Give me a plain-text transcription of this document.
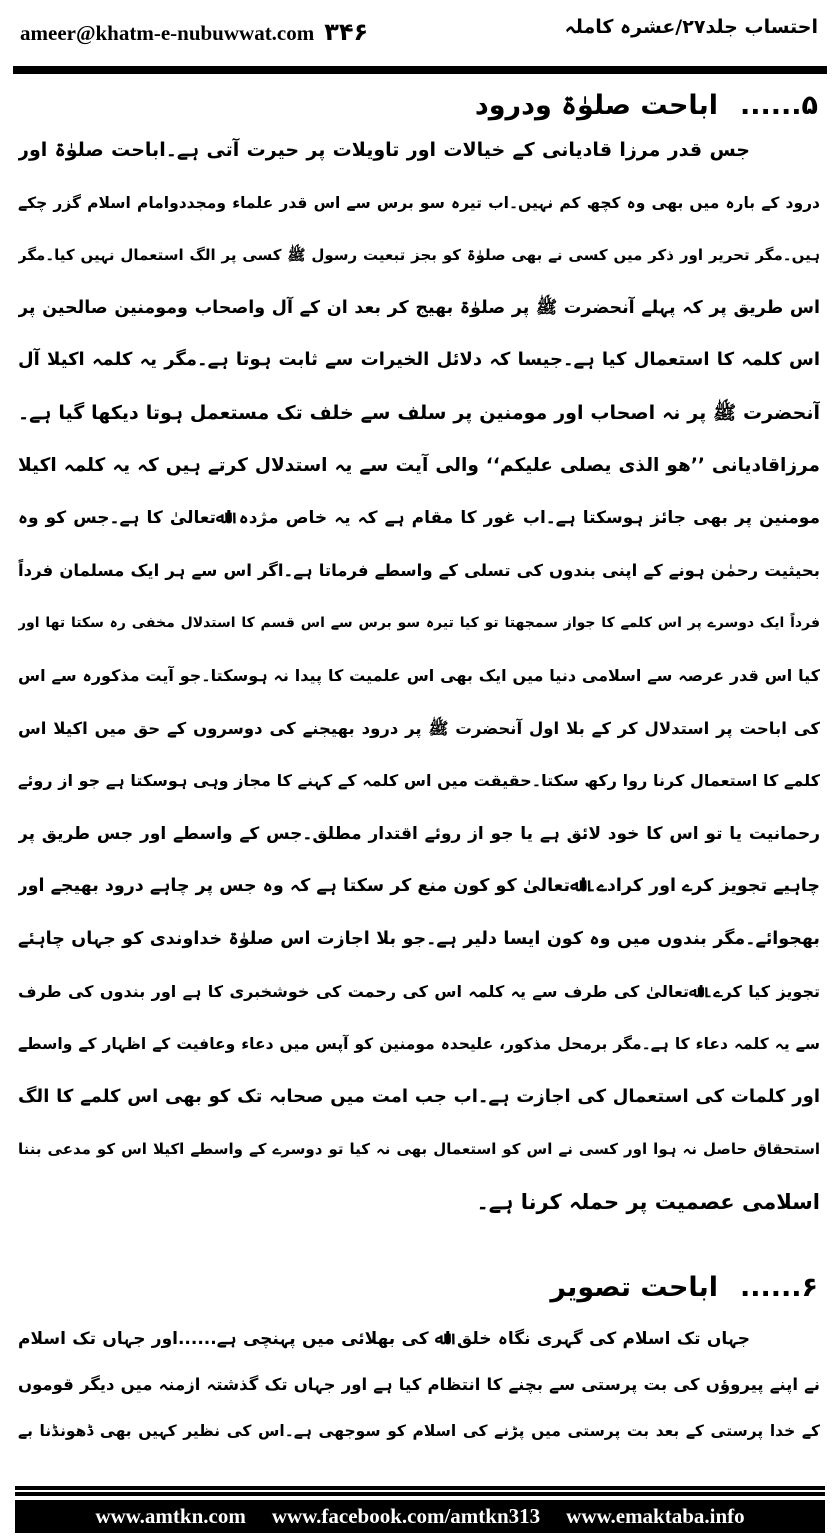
ameer@khatm-e-nubuwwat.com ۳۴۶	احتساب جلد۲۷/عشرہ کاملہ
۵......اباحت صلوٰۃ ودرود
جس قدر مرزا قادیانی کے خیالات اور تاویلات پر حیرت آتی ہے۔اباحت صلوٰۃ اور
درود کے بارہ میں بھی وہ کچھ کم نہیں۔اب تیرہ سو برس سے اس قدر علماء ومجددوامام اسلام گزر چکے
ہیں۔مگر تحریر اور ذکر میں کسی نے بھی صلوٰۃ کو بجز تبعیت رسول ﷺ کسی پر الگ استعمال نہیں کیا۔مگر
اس طریق پر کہ پہلے آنحضرت ﷺ پر صلوٰۃ بھیج کر بعد ان کے آل واصحاب ومومنین صالحین پر
اس کلمہ کا استعمال کیا ہے۔جیسا کہ دلائل الخیرات سے ثابت ہوتا ہے۔مگر یہ کلمہ اکیلا آل
آنحضرت ﷺ پر نہ اصحاب اور مومنین پر سلف سے خلف تک مستعمل ہوتا دیکھا گیا ہے۔
مرزاقادیانی ’’ھو الذی یصلی علیکم‘‘ والی آیت سے یہ استدلال کرتے ہیں کہ یہ کلمہ اکیلا
مومنین پر بھی جائز ہوسکتا ہے۔اب غور کا مقام ہے کہ یہ خاص مژدہ اﷲتعالیٰ کا ہے۔جس کو وہ
بحیثیت رحمٰن ہونے کے اپنی بندوں کی تسلی کے واسطے فرماتا ہے۔اگر اس سے ہر ایک مسلمان فرداً
فرداً ایک دوسرے پر اس کلمے کا جواز سمجھتا تو کیا تیرہ سو برس سے اس قسم کا استدلال مخفی رہ سکتا تھا اور
کیا اس قدر عرصہ سے اسلامی دنیا میں ایک بھی اس علمیت کا پیدا نہ ہوسکتا۔جو آیت مذکورہ سے اس
کی اباحت پر استدلال کر کے بلا اول آنحضرت ﷺ پر درود بھیجنے کی دوسروں کے حق میں اکیلا اس
کلمے کا استعمال کرنا روا رکھ سکتا۔حقیقت میں اس کلمہ کے کہنے کا مجاز وہی ہوسکتا ہے جو از روئے
رحمانیت یا تو اس کا خود لائق ہے یا جو از روئے اقتدار مطلق۔جس کے واسطے اور جس طریق پر
چاہیے تجویز کرے اور کرادے۔اﷲتعالیٰ کو کون منع کر سکتا ہے کہ وہ جس پر چاہے درود بھیجے اور
بھجوائے۔مگر بندوں میں وہ کون ایسا دلیر ہے۔جو بلا اجازت اس صلوٰۃ خداوندی کو جہاں چاہئے
تجویز کیا کرے۔اﷲتعالیٰ کی طرف سے یہ کلمہ اس کی رحمت کی خوشخبری کا ہے اور بندوں کی طرف
سے یہ کلمہ دعاء کا ہے۔مگر برمحل مذکور، علیحدہ مومنین کو آپس میں دعاء وعافیت کے اظہار کے واسطے
اور کلمات کی استعمال کی اجازت ہے۔اب جب امت میں صحابہ تک کو بھی اس کلمے کا الگ
استحقاق حاصل نہ ہوا اور کسی نے اس کو استعمال بھی نہ کیا تو دوسرے کے واسطے اکیلا اس کو مدعی بننا
اسلامی عصمیت پر حملہ کرنا ہے۔
۶......اباحت تصویر
جہاں تک اسلام کی گہری نگاہ خلق اﷲ کی بھلائی میں پہنچی ہے......اور جہاں تک اسلام
نے اپنے پیروؤں کی بت پرستی سے بچنے کا انتظام کیا ہے اور جہاں تک گذشتہ ازمنہ میں دیگر قوموں
کے خدا پرستی کے بعد بت پرستی میں پڑنے کی اسلام کو سوجھی ہے۔اس کی نظیر کہیں بھی ڈھونڈنا بے
www.amtkn.com www.facebook.com/amtkn313 www.emaktaba.info
